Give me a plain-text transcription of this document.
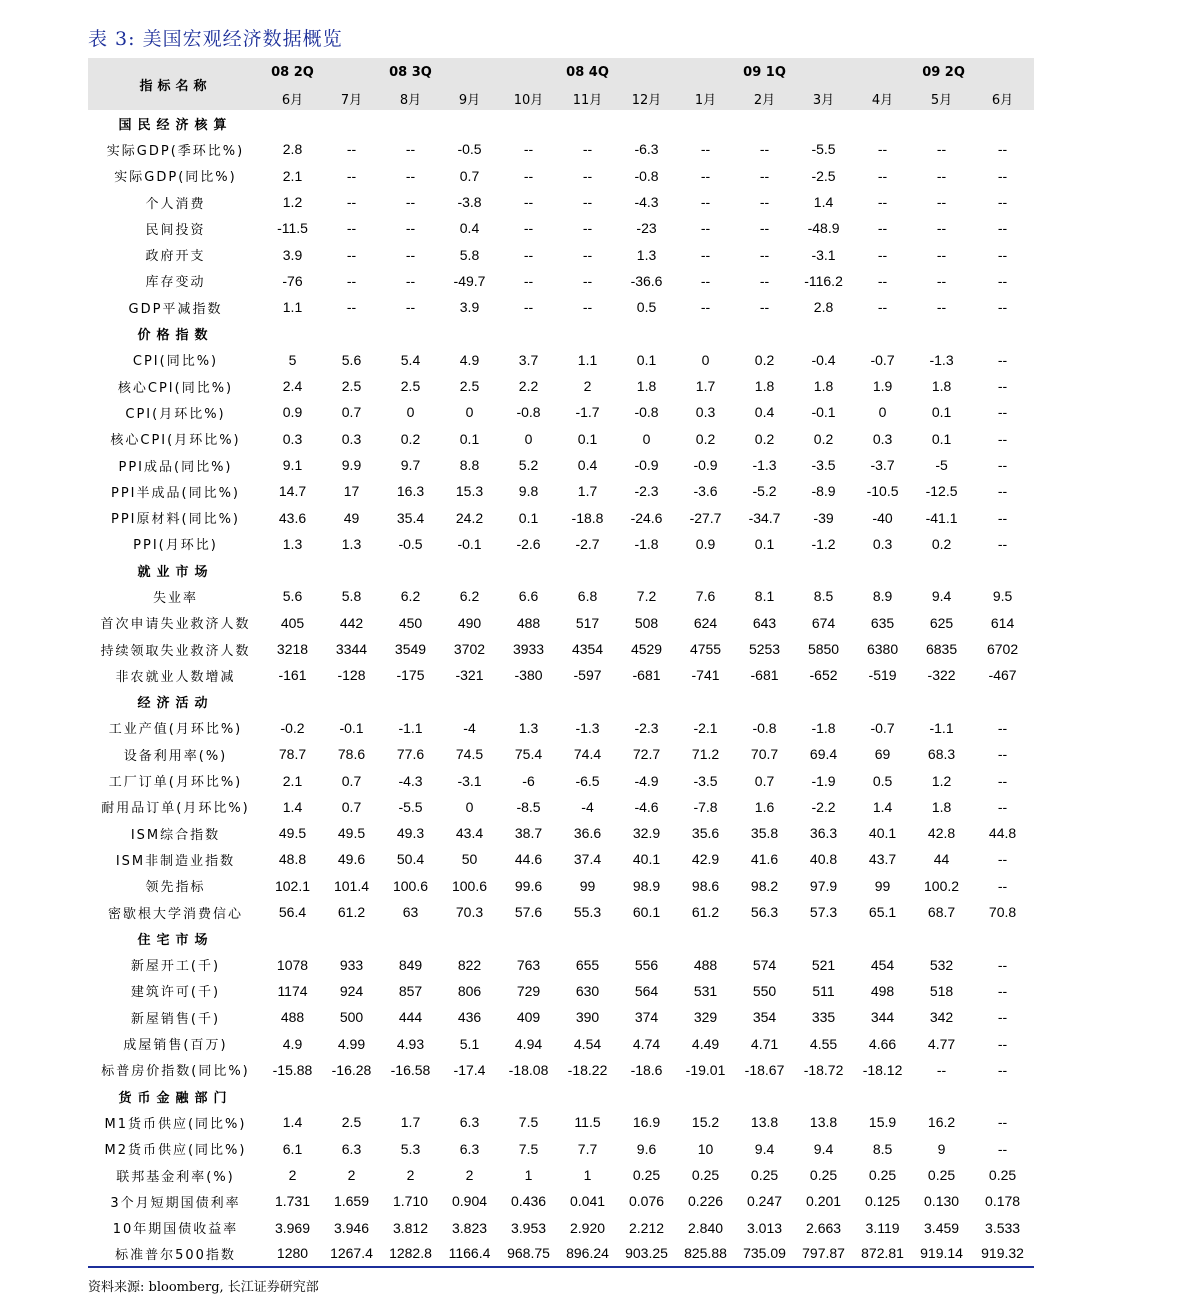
表 3: 美国宏观经济数据概览
指标名称	08 2Q	08 3Q			08 4Q			09 1Q			09 2Q		
	6月	7月	8月	9月	10月	11月	12月	1月	2月	3月	4月	5月	6月
国民经济核算													
实际GDP(季环比%)	2.8	--	--	-0.5	--	--	-6.3	--	--	-5.5	--	--	--
实际GDP(同比%)	2.1	--	--	0.7	--	--	-0.8	--	--	-2.5	--	--	--
个人消费	1.2	--	--	-3.8	--	--	-4.3	--	--	1.4	--	--	--
民间投资	-11.5	--	--	0.4	--	--	-23	--	--	-48.9	--	--	--
政府开支	3.9	--	--	5.8	--	--	1.3	--	--	-3.1	--	--	--
库存变动	-76	--	--	-49.7	--	--	-36.6	--	--	-116.2	--	--	--
GDP平减指数	1.1	--	--	3.9	--	--	0.5	--	--	2.8	--	--	--
价格指数													
CPI(同比%)	5	5.6	5.4	4.9	3.7	1.1	0.1	0	0.2	-0.4	-0.7	-1.3	--
核心CPI(同比%)	2.4	2.5	2.5	2.5	2.2	2	1.8	1.7	1.8	1.8	1.9	1.8	--
CPI(月环比%)	0.9	0.7	0	0	-0.8	-1.7	-0.8	0.3	0.4	-0.1	0	0.1	--
核心CPI(月环比%)	0.3	0.3	0.2	0.1	0	0.1	0	0.2	0.2	0.2	0.3	0.1	--
PPI成品(同比%)	9.1	9.9	9.7	8.8	5.2	0.4	-0.9	-0.9	-1.3	-3.5	-3.7	-5	--
PPI半成品(同比%)	14.7	17	16.3	15.3	9.8	1.7	-2.3	-3.6	-5.2	-8.9	-10.5	-12.5	--
PPI原材料(同比%)	43.6	49	35.4	24.2	0.1	-18.8	-24.6	-27.7	-34.7	-39	-40	-41.1	--
PPI(月环比)	1.3	1.3	-0.5	-0.1	-2.6	-2.7	-1.8	0.9	0.1	-1.2	0.3	0.2	--
就业市场													
失业率	5.6	5.8	6.2	6.2	6.6	6.8	7.2	7.6	8.1	8.5	8.9	9.4	9.5
首次申请失业救济人数	405	442	450	490	488	517	508	624	643	674	635	625	614
持续领取失业救济人数	3218	3344	3549	3702	3933	4354	4529	4755	5253	5850	6380	6835	6702
非农就业人数增减	-161	-128	-175	-321	-380	-597	-681	-741	-681	-652	-519	-322	-467
经济活动													
工业产值(月环比%)	-0.2	-0.1	-1.1	-4	1.3	-1.3	-2.3	-2.1	-0.8	-1.8	-0.7	-1.1	--
设备利用率(%)	78.7	78.6	77.6	74.5	75.4	74.4	72.7	71.2	70.7	69.4	69	68.3	--
工厂订单(月环比%)	2.1	0.7	-4.3	-3.1	-6	-6.5	-4.9	-3.5	0.7	-1.9	0.5	1.2	--
耐用品订单(月环比%)	1.4	0.7	-5.5	0	-8.5	-4	-4.6	-7.8	1.6	-2.2	1.4	1.8	--
ISM综合指数	49.5	49.5	49.3	43.4	38.7	36.6	32.9	35.6	35.8	36.3	40.1	42.8	44.8
ISM非制造业指数	48.8	49.6	50.4	50	44.6	37.4	40.1	42.9	41.6	40.8	43.7	44	--
领先指标	102.1	101.4	100.6	100.6	99.6	99	98.9	98.6	98.2	97.9	99	100.2	--
密歇根大学消费信心	56.4	61.2	63	70.3	57.6	55.3	60.1	61.2	56.3	57.3	65.1	68.7	70.8
住宅市场													
新屋开工(千)	1078	933	849	822	763	655	556	488	574	521	454	532	--
建筑许可(千)	1174	924	857	806	729	630	564	531	550	511	498	518	--
新屋销售(千)	488	500	444	436	409	390	374	329	354	335	344	342	--
成屋销售(百万)	4.9	4.99	4.93	5.1	4.94	4.54	4.74	4.49	4.71	4.55	4.66	4.77	--
标普房价指数(同比%)	-15.88	-16.28	-16.58	-17.4	-18.08	-18.22	-18.6	-19.01	-18.67	-18.72	-18.12	--	--
货币金融部门													
M1货币供应(同比%)	1.4	2.5	1.7	6.3	7.5	11.5	16.9	15.2	13.8	13.8	15.9	16.2	--
M2货币供应(同比%)	6.1	6.3	5.3	6.3	7.5	7.7	9.6	10	9.4	9.4	8.5	9	--
联邦基金利率(%)	2	2	2	2	1	1	0.25	0.25	0.25	0.25	0.25	0.25	0.25
3个月短期国债利率	1.731	1.659	1.710	0.904	0.436	0.041	0.076	0.226	0.247	0.201	0.125	0.130	0.178
10年期国债收益率	3.969	3.946	3.812	3.823	3.953	2.920	2.212	2.840	3.013	2.663	3.119	3.459	3.533
标准普尔500指数	1280	1267.4	1282.8	1166.4	968.75	896.24	903.25	825.88	735.09	797.87	872.81	919.14	919.32
资料来源: bloomberg, 长江证券研究部
